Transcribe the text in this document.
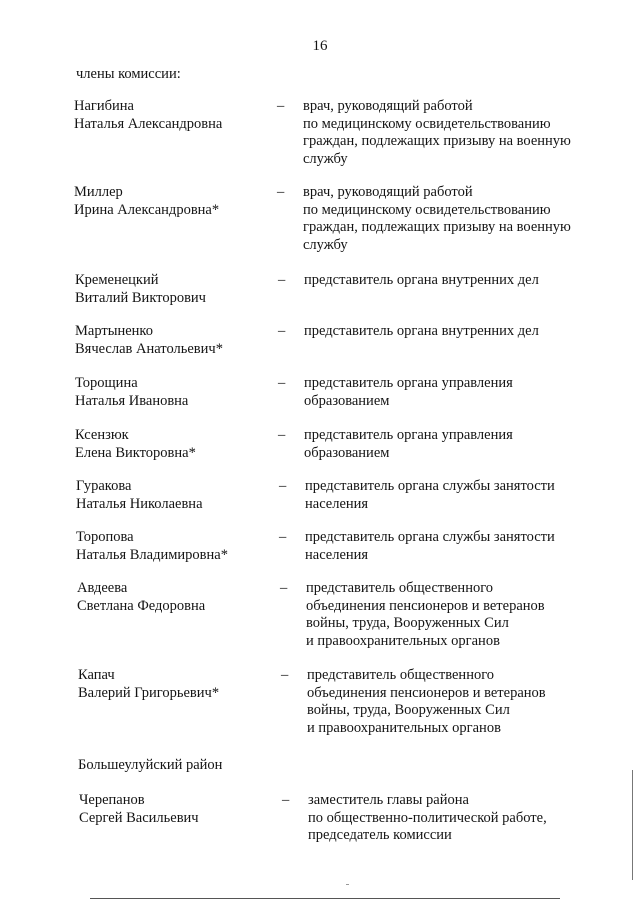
16
члены комиссии:
Нагибина
Наталья Александровна
– врач, руководящий работой
по медицинскому освидетельствованию
граждан, подлежащих призыву на военную
службу
Миллер
Ирина Александровна*
– врач, руководящий работой
по медицинскому освидетельствованию
граждан, подлежащих призыву на военную
службу
Кременецкий
Виталий Викторович
– представитель органа внутренних дел
Мартыненко
Вячеслав Анатольевич*
– представитель органа внутренних дел
Торощина
Наталья Ивановна
– представитель органа управления
образованием
Ксензюк
Елена Викторовна*
– представитель органа управления
образованием
Гуракова
Наталья Николаевна
– представитель органа службы занятости
населения
Торопова
Наталья Владимировна*
– представитель органа службы занятости
населения
Авдеева
Светлана Федоровна
– представитель общественного
объединения пенсионеров и ветеранов
войны, труда, Вооруженных Сил
и правоохранительных органов
Капач
Валерий Григорьевич*
– представитель общественного
объединения пенсионеров и ветеранов
войны, труда, Вооруженных Сил
и правоохранительных органов
Большеулуйский район
Черепанов
Сергей Васильевич
– заместитель главы района
по общественно-политической работе,
председатель комиссии
